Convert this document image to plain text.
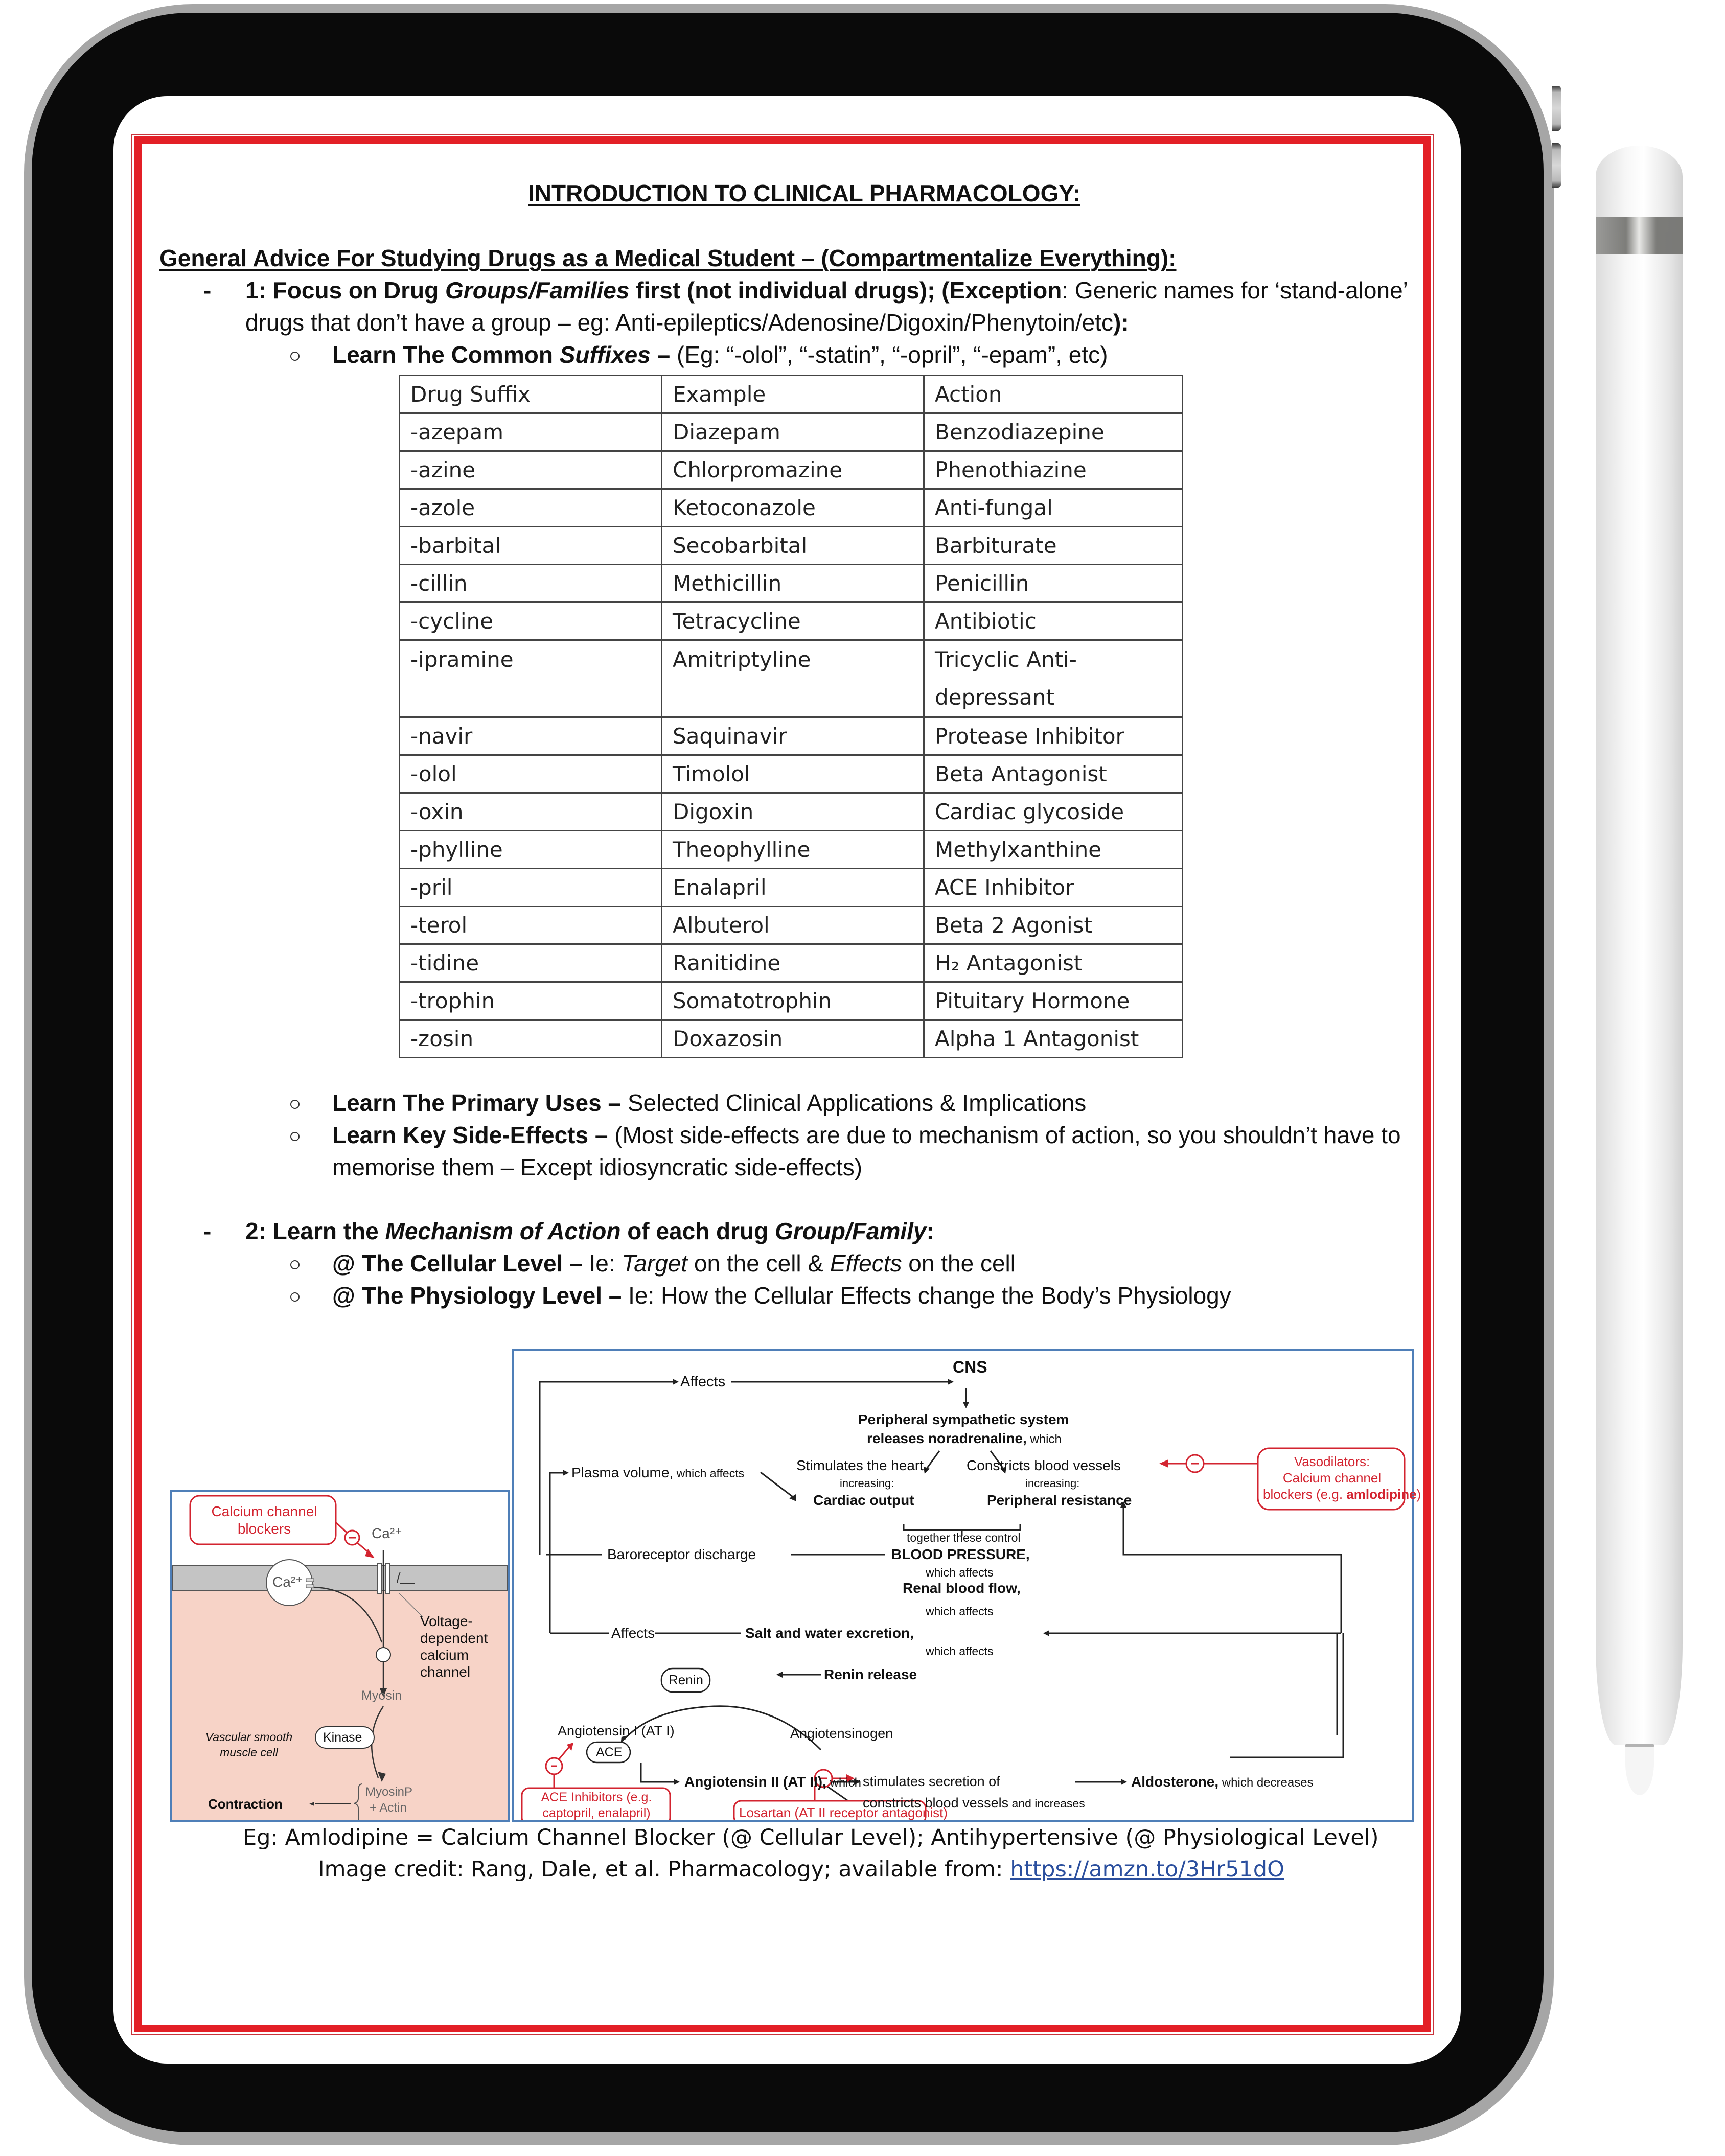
INTRODUCTION TO CLINICAL PHARMACOLOGY:
General Advice For Studying Drugs as a Medical Student – (Compartmentalize Everything):
- 1: Focus on Drug Groups/Families first (not individual drugs); (Exception: Generic names for ‘stand-alone’
drugs that don’t have a group – eg: Anti-epileptics/Adenosine/Digoxin/Phenytoin/etc):
Learn The Common Suffixes – (Eg: “-olol”, “-statin”, “-opril”, “-epam”, etc)
Drug Suffix	Example	Action
-azepam	Diazepam	Benzodiazepine
-azine	Chlorpromazine	Phenothiazine
-azole	Ketoconazole	Anti-fungal
-barbital	Secobarbital	Barbiturate
-cillin	Methicillin	Penicillin
-cycline	Tetracycline	Antibiotic
-ipramine	Amitriptyline	Tricyclic Anti-depressant
-navir	Saquinavir	Protease Inhibitor
-olol	Timolol	Beta Antagonist
-oxin	Digoxin	Cardiac glycoside
-phylline	Theophylline	Methylxanthine
-pril	Enalapril	ACE Inhibitor
-terol	Albuterol	Beta 2 Agonist
-tidine	Ranitidine	H₂ Antagonist
-trophin	Somatotrophin	Pituitary Hormone
-zosin	Doxazosin	Alpha 1 Antagonist
Learn The Primary Uses – Selected Clinical Applications & Implications
Learn Key Side-Effects – (Most side-effects are due to mechanism of action, so you shouldn’t have to
memorise them – Except idiosyncratic side-effects)
- 2: Learn the Mechanism of Action of each drug Group/Family:
@ The Cellular Level – Ie: Target on the cell & Effects on the cell
@ The Physiology Level – Ie: How the Cellular Effects change the Body’s Physiology
Calcium channel
blockers	Ca²⁺
Ca²⁺
Voltage-
dependent
calcium
channel
Myosin
Kinase
Vascular smooth
muscle cell
Contraction
MyosinP
+ Actin
CNS
Affects
Peripheral sympathetic system
releases noradrenaline, which
Plasma volume, which affects	Stimulates the heart,
increasing:
Cardiac output
Constricts blood vessels
increasing:
Peripheral resistance
Vasodilators:
Calcium channel
blockers (e.g. amlodipine)
together these control
BLOOD PRESSURE,
Baroreceptor discharge
which affects
Renal blood flow,
which affects
Affects	Salt and water excretion,
which affects
Renin	Renin release
Angiotensin I (AT I)	Angiotensinogen
ACE
Angiotensin II (AT II), which stimulates secretion of	Aldosterone, which decreases
constricts blood vessels and increases
ACE Inhibitors (e.g.
captopril, enalapril)	Losartan (AT II receptor antagonist)
Eg: Amlodipine = Calcium Channel Blocker (@ Cellular Level); Antihypertensive (@ Physiological Level)
Image credit: Rang, Dale, et al. Pharmacology; available from: https://amzn.to/3Hr51dO
